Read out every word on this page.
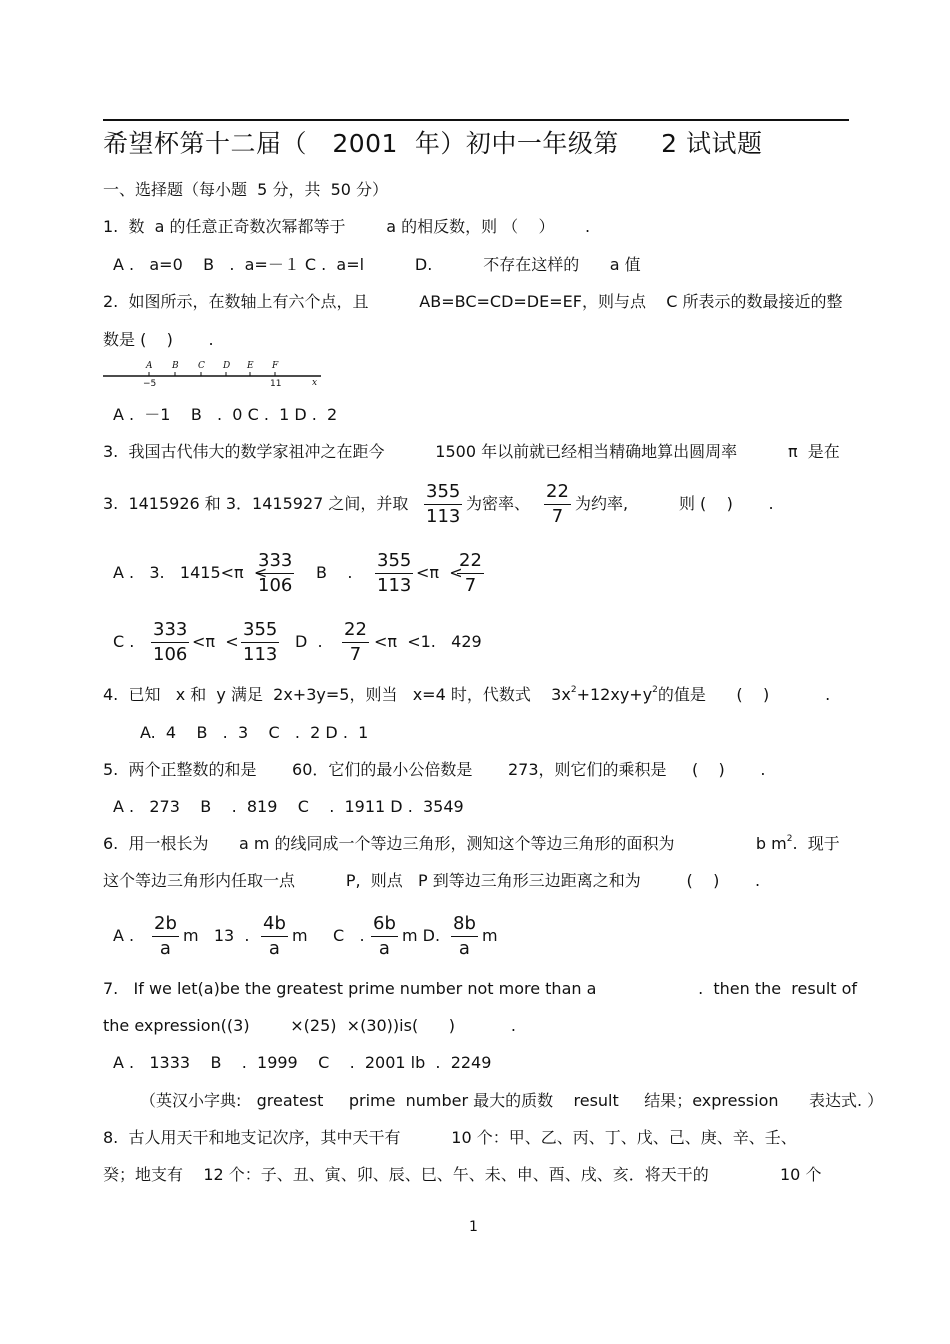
希望杯第十二届（   2001  年）初中一年级第     2 试试题
一、选择题（每小题  5 分，共  50 分）
1.  数  a 的任意正奇数次幂都等于        a 的相反数，则 （    ）      .
A .   a=0    B   .  a=－１ C .  a=l          D.          不存在这样的      a 值
2.  如图所示，在数轴上有六个点，且          AB=BC=CD=DE=EF，则与点    C 所表示的数最接近的整
数是 (    )       .
A B C D E F
x
−5	11
A .  －1    B   .  0 C .  1 D .  2
3.  我国古代伟大的数学家祖冲之在距今          1500 年以前就已经相当精确地算出圆周率          π  是在
3.  1415926 和 3．1415927 之间，并取 $\frac{355}{113}$ 为密率、 $\frac{22}{7}$ 为约率,          则 (    )       .
A .   3.   1415<π  <
$\frac{333}{106}$ B    . $\frac{355}{113} <\pi$  <
$\frac{22}{7}$
C . $\frac{333}{106} <\pi < \frac{355}{113}$ D  . $\frac{22}{7} <\pi <1$.   429
4.  已知   x 和  y 满足  2x+3y=5，则当   x=4 时，代数式    $3x^2+12xy+y^2$的值是      (    )           .
A.  4    B   .  3    C   .  2 D .  1
5.  两个正整数的和是       60．它们的最小公倍数是       273，则它们的乘积是     (    )       .
A .   273    B    .  819    C    .  1911 D .  3549
6.  用一根长为      a m 的线同成一个等边三角形，测知这个等边三角形的面积为                b $m^2$.  现于
这个等边三角形内任取一点          P,  则点   P 到等边三角形三边距离之和为         (    )       .
A . $\frac{2b}{a}$ m   13  . $\frac{4b}{a}$ m     C   . $\frac{6b}{a}$ m D. $\frac{8b}{a}$ m
7.   If we let(a)be the greatest prime number not more than a                    .  then the  result of
the expression((3)        ×(25)  ×(30))is(      )           .
A .   1333    B    .  1999    C    .  2001 lb  .  2249
（英汉小字典:   greatest     prime  number 最大的质数    result     结果；expression      表达式. ）
8.  古人用天干和地支记次序，其中天干有          10 个：甲、乙、丙、丁、戊、己、庚、辛、壬、
癸；地支有    12 个：子、丑、寅、卯、辰、巳、午、未、申、酉、戌、亥．将天干的              10 个
1
